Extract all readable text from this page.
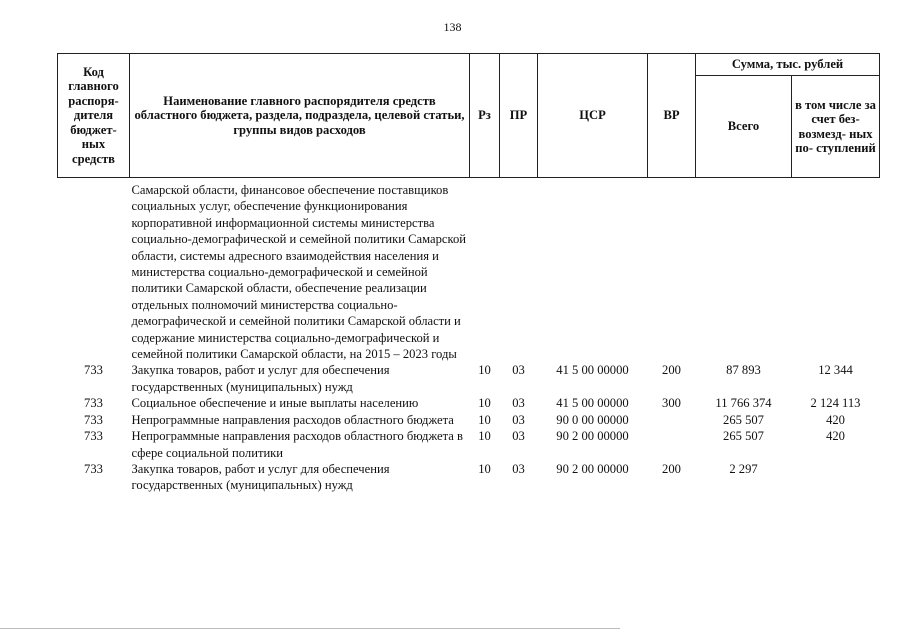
138
Код главного распоря- дителя бюджет- ных средств	Наименование главного распорядителя средств областного бюджета, раздела, подраздела, целевой статьи, группы видов расходов	Рз	ПР	ЦСР	ВР	Сумма, тыс. рублей	
						Всего	в том числе за счет без- возмезд- ных по- ступлений

	Самарской области, финансовое обеспечение поставщиков социальных услуг, обеспечение функционирования корпоративной информационной системы министерства социально-демографической и семейной политики Самарской области, системы адресного взаимодействия населения и министерства социально-демографической и семейной политики Самарской области, обеспечение реализации отдельных полномочий министерства социально-демографической и семейной политики Самарской области и содержание министерства социально-демографической и семейной политики Самарской области, на 2015 – 2023 годы						
733	Закупка товаров, работ и услуг для обеспечения государственных (муниципальных) нужд	10	03	41 5 00 00000	200	87 893	12 344
733	Социальное обеспечение и иные выплаты населению	10	03	41 5 00 00000	300	11 766 374	2 124 113
733	Непрограммные направления расходов областного бюджета	10	03	90 0 00 00000		265 507	420
733	Непрограммные направления расходов областного бюджета в сфере социальной политики	10	03	90 2 00 00000		265 507	420
733	Закупка товаров, работ и услуг для обеспечения государственных (муниципальных) нужд	10	03	90 2 00 00000	200	2 297	
